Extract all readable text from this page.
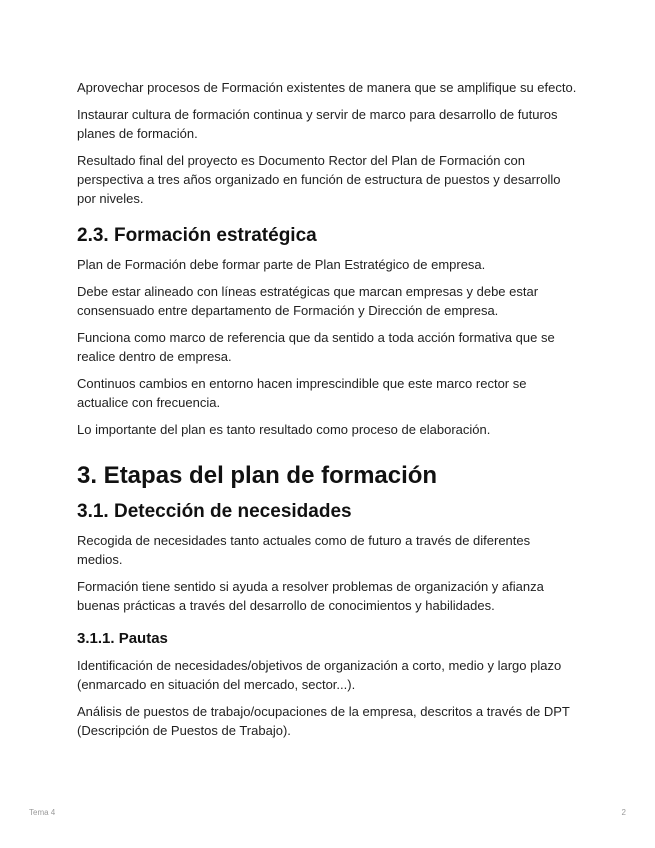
Aprovechar procesos de Formación existentes de manera que se amplifique su efecto.

Instaurar cultura de formación continua y servir de marco para desarrollo de futuros planes de formación.

Resultado final del proyecto es Documento Rector del Plan de Formación con perspectiva a tres años organizado en función de estructura de puestos y desarrollo por niveles.

2.3. Formación estratégica

Plan de Formación debe formar parte de Plan Estratégico de empresa.

Debe estar alineado con líneas estratégicas que marcan empresas y debe estar consensuado entre departamento de Formación y Dirección de empresa.

Funciona como marco de referencia que da sentido a toda acción formativa que se realice dentro de empresa.

Continuos cambios en entorno hacen imprescindible que este marco rector se actualice con frecuencia.

Lo importante del plan es tanto resultado como proceso de elaboración.

3. Etapas del plan de formación
3.1. Detección de necesidades

Recogida de necesidades tanto actuales como de futuro a través de diferentes medios.

Formación tiene sentido si ayuda a resolver problemas de organización y afianza buenas prácticas a través del desarrollo de conocimientos y habilidades.

3.1.1. Pautas

Identificación de necesidades/objetivos de organización a corto, medio y largo plazo (enmarcado en situación del mercado, sector...).

Análisis de puestos de trabajo/ocupaciones de la empresa, descritos a través de DPT (Descripción de Puestos de Trabajo).

Tema 4	2
